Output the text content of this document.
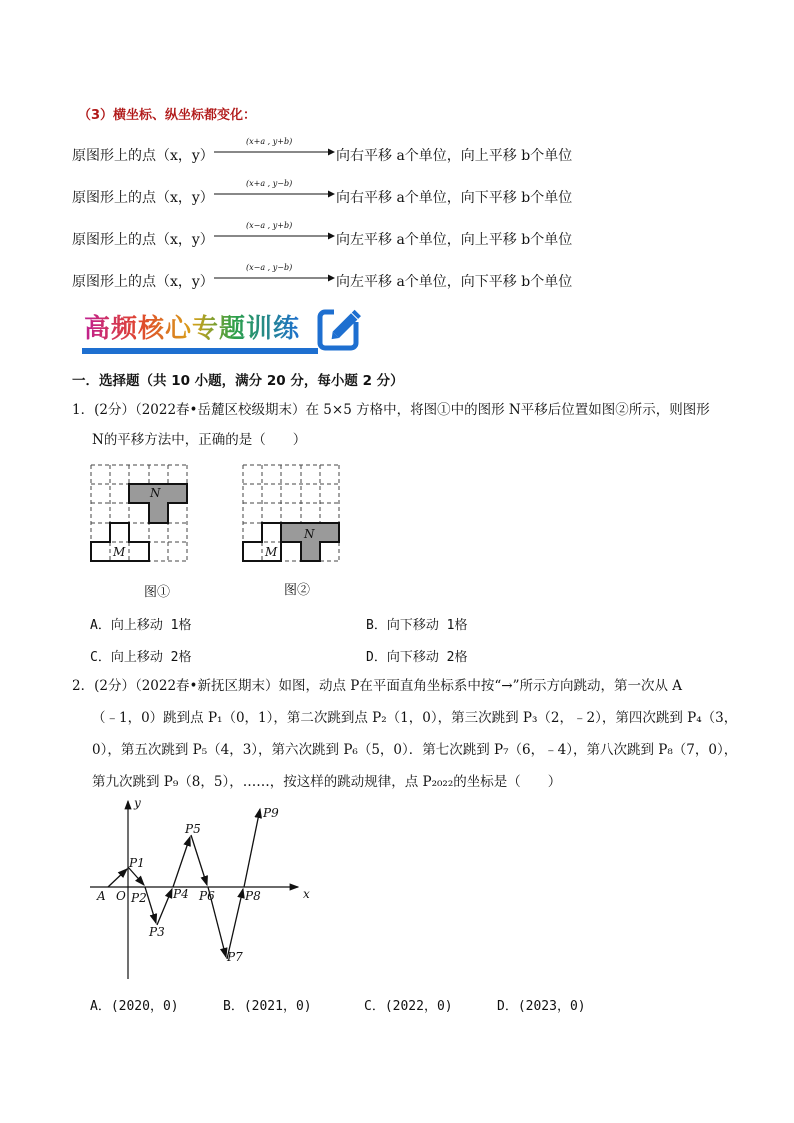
（3）横坐标、纵坐标都变化：
原图形上的点（x，y）
(x+a , y+b)
向右平移 a个单位，向上平移 b个单位
原图形上的点（x，y）
(x+a , y−b)
向右平移 a个单位，向下平移 b个单位
原图形上的点（x，y）
(x−a , y+b)
向左平移 a个单位，向上平移 b个单位
原图形上的点（x，y）
(x−a , y−b)
向左平移 a个单位，向下平移 b个单位
高频核心专题训练
一．选择题（共 10 小题，满分 20 分，每小题 2 分）
1．(2分）（2022春•岳麓区校级期末）在 5×5 方格中，将图①中的图形 N平移后位置如图②所示，则图形
N的平移方法中，正确的是（　　）
N
M
图①
N
M
图②
A．向上移动 1格	B．向下移动 1格
C．向上移动 2格	D．向下移动 2格
2．(2分）（2022春•新抚区期末）如图，动点 P在平面直角坐标系中按“→”所示方向跳动，第一次从 A
（﹣1，0）跳到点 P₁（0，1），第二次跳到点 P₂（1，0），第三次跳到 P₃（2，﹣2），第四次跳到 P₄（3，
0），第五次跳到 P₅（4，3），第六次跳到 P₆（5，0）．第七次跳到 P₇（6，﹣4），第八次跳到 P₈（7，0），
第九次跳到 P₉（8，5），……，按这样的跳动规律，点 P₂₀₂₂的坐标是（　　）
y
x
A O
P1
P2
P3
P4
P5
P6
P7
P8
P9
A．(2020，0)	B．(2021，0)	C．(2022，0)	D．(2023，0)
